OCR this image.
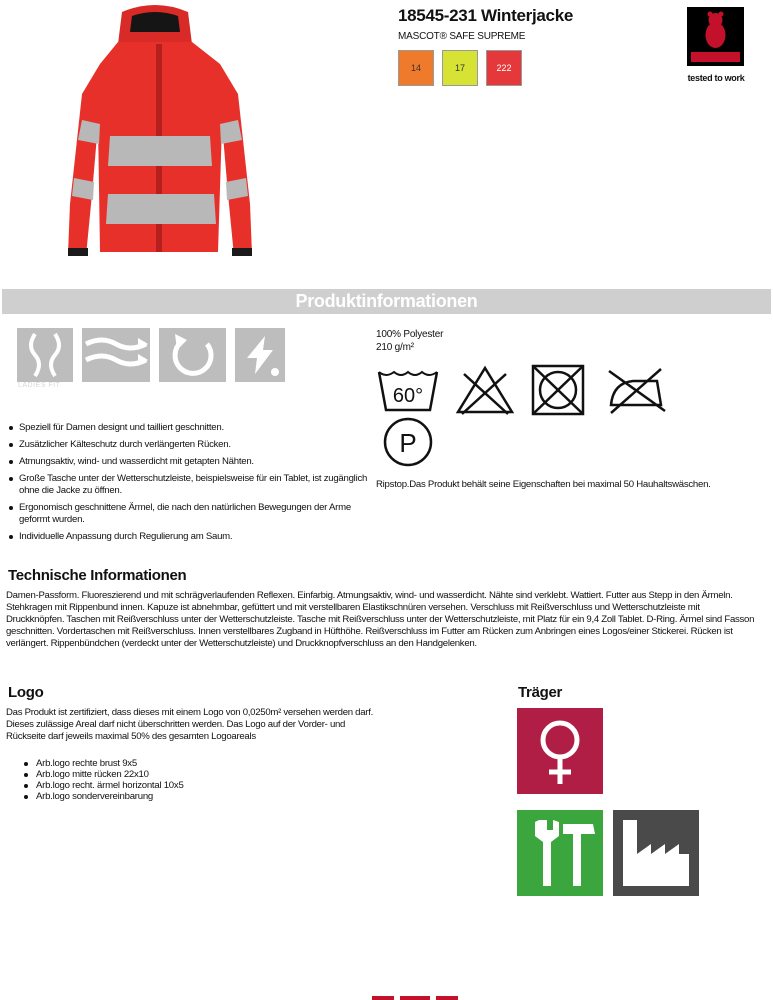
18545-231 Winterjacke
MASCOT® SAFE SUPREME
14	17	222
tested to work
Produktinformationen
LADIES FIT
100% Polyester
210 g/m²
60°
P
Ripstop.Das Produkt behält seine Eigenschaften bei maximal 50 Hauhaltswäschen.
Speziell für Damen designt und tailliert geschnitten.
Zusätzlicher Kälteschutz durch verlängerten Rücken.
Atmungsaktiv, wind- und wasserdicht mit getapten Nähten.
Große Tasche unter der Wetterschutzleiste, beispielsweise für ein Tablet, ist zugänglich ohne die Jacke zu öffnen.
Ergonomisch geschnittene Ärmel, die nach den natürlichen Bewegungen der Arme geformt wurden.
Individuelle Anpassung durch Regulierung am Saum.
Technische Informationen
Damen-Passform. Fluoreszierend und mit schrägverlaufenden Reflexen. Einfarbig. Atmungsaktiv, wind- und wasserdicht. Nähte sind verklebt. Wattiert. Futter aus Stepp in den Ärmeln. Stehkragen mit Rippenbund innen. Kapuze ist abnehmbar, gefüttert und mit verstellbaren Elastikschnüren versehen. Verschluss mit Reißverschluss und Wetterschutzleiste mit Druckknöpfen. Taschen mit Reißverschluss unter der Wetterschutzleiste. Tasche mit Reißverschluss unter der Wetterschutzleiste, mit Platz für ein 9,4 Zoll Tablet. D-Ring. Ärmel sind Fasson geschnitten. Vordertaschen mit Reißverschluss. Innen verstellbares Zugband in Hüfthöhe. Reißverschluss im Futter am Rücken zum Anbringen eines Logos/einer Stickerei. Rücken ist verlängert. Rippenbündchen (verdeckt unter der Wetterschutzleiste) und Druckknopfverschluss an den Handgelenken.
Logo
Das Produkt ist zertifiziert, dass dieses mit einem Logo von 0,0250m² versehen werden darf. Dieses zulässige Areal darf nicht überschritten werden. Das Logo auf der Vorder- und Rückseite darf jeweils maximal 50% des gesamten Logoareals
Arb.logo rechte brust 9x5
Arb.logo mitte rücken 22x10
Arb.logo recht. ärmel horizontal 10x5
Arb.logo sondervereinbarung
Träger
